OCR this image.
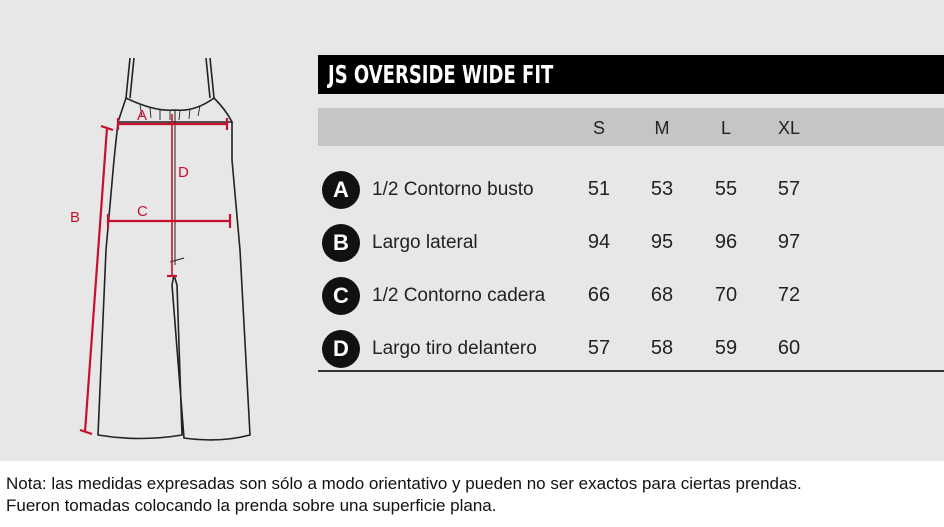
A
B	C
D
JS OVERSIDE WIDE FIT
S	M	L	XL
A	1/2 Contorno busto	51	53	55	57
B	Largo lateral	94	95	96	97
C	1/2 Contorno cadera	66	68	70	72
D	Largo tiro delantero	57	58	59	60
Nota: las medidas expresadas son sólo a modo orientativo y pueden no ser exactos para ciertas prendas.
Fueron tomadas colocando la prenda sobre una superficie plana.
